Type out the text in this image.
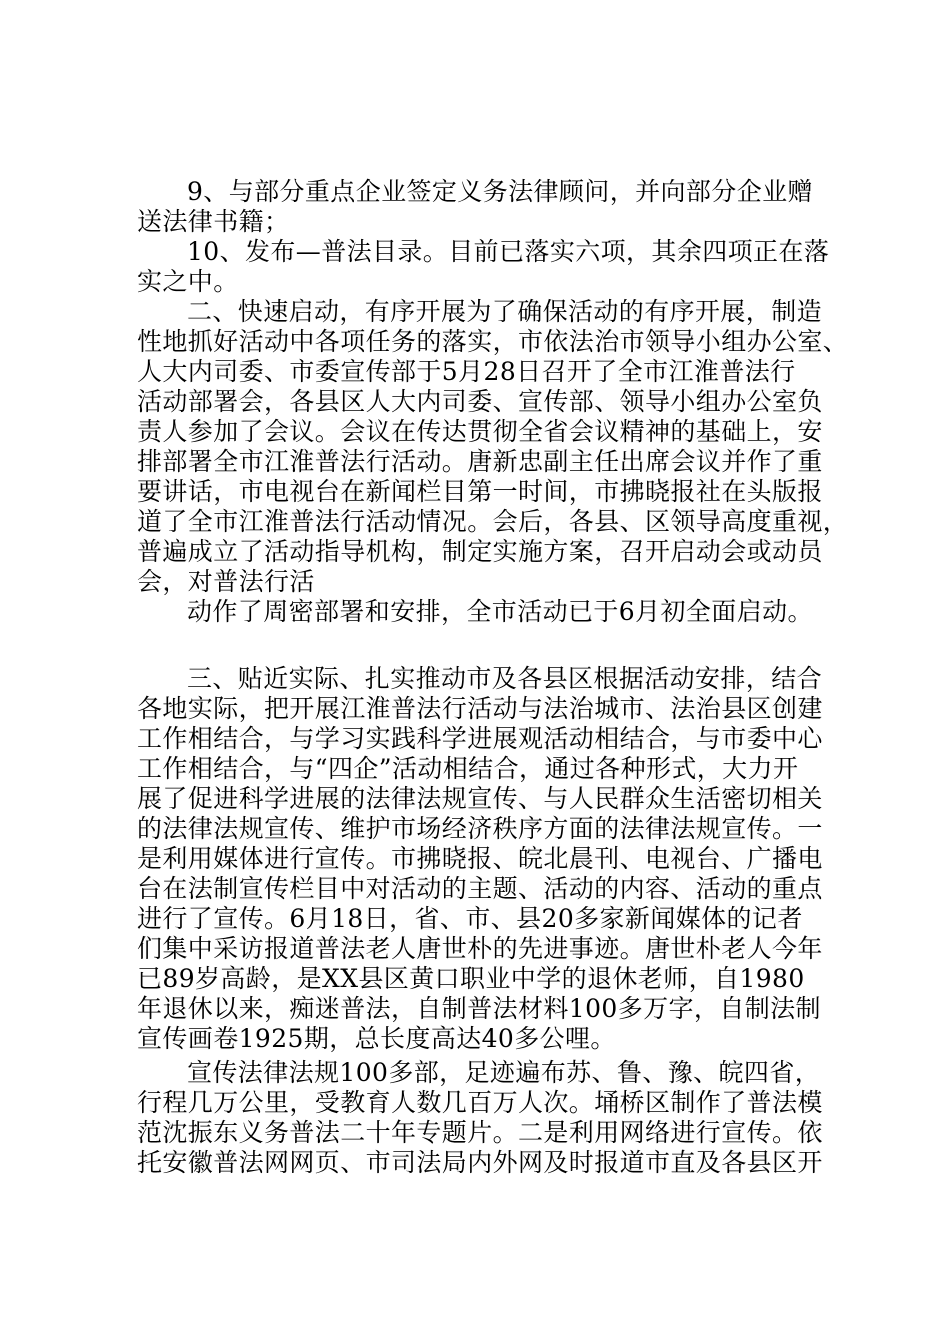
9、与部分重点企业签定义务法律顾问，并向部分企业赠
送法律书籍；
10、发布—普法目录。目前已落实六项，其余四项正在落
实之中。
二、快速启动，有序开展为了确保活动的有序开展，制造
性地抓好活动中各项任务的落实，市依法治市领导小组办公室、
人大内司委、市委宣传部于5月28日召开了全市江淮普法行
活动部署会，各县区人大内司委、宣传部、领导小组办公室负
责人参加了会议。会议在传达贯彻全省会议精神的基础上，安
排部署全市江淮普法行活动。唐新忠副主任出席会议并作了重
要讲话，市电视台在新闻栏目第一时间，市拂晓报社在头版报
道了全市江淮普法行活动情况。会后，各县、区领导高度重视，
普遍成立了活动指导机构，制定实施方案，召开启动会或动员
会，对普法行活
动作了周密部署和安排，全市活动已于6月初全面启动。
三、贴近实际、扎实推动市及各县区根据活动安排，结合
各地实际，把开展江淮普法行活动与法治城市、法治县区创建
工作相结合，与学习实践科学进展观活动相结合，与市委中心
工作相结合，与“四企”活动相结合，通过各种形式，大力开
展了促进科学进展的法律法规宣传、与人民群众生活密切相关
的法律法规宣传、维护市场经济秩序方面的法律法规宣传。一
是利用媒体进行宣传。市拂晓报、皖北晨刊、电视台、广播电
台在法制宣传栏目中对活动的主题、活动的内容、活动的重点
进行了宣传。6月18日，省、市、县20多家新闻媒体的记者
们集中采访报道普法老人唐世朴的先进事迹。唐世朴老人今年
已89岁高龄，是XX县区黄口职业中学的退休老师，自1980
年退休以来，痴迷普法，自制普法材料100多万字，自制法制
宣传画卷1925期，总长度高达40多公哩。
宣传法律法规100多部，足迹遍布苏、鲁、豫、皖四省，
行程几万公里，受教育人数几百万人次。埇桥区制作了普法模
范沈振东义务普法二十年专题片。二是利用网络进行宣传。依
托安徽普法网网页、市司法局内外网及时报道市直及各县区开
